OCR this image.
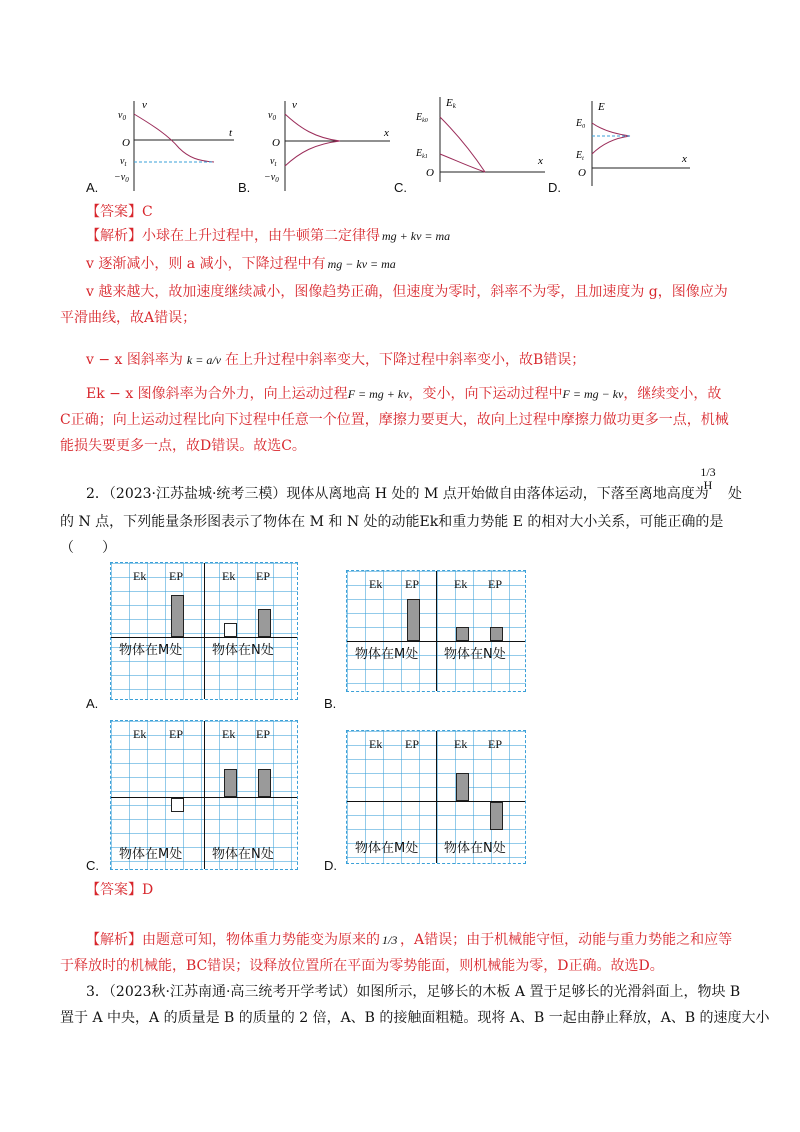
v
t
$v_0$
O
$v_t$
$-v_0$
A.
v
x
$v_0$
O
$v_t$
$-v_0$
B.
Ek
x
$E_{k0}$
$E_{k1}$
O
C.
E
x
$E_0$
$E_t$
O
D.
【答案】C
【解析】小球在上升过程中，由牛顿第二定律得 mg + kv = ma
v 逐渐减小，则 a 减小，下降过程中有 mg − kv = ma
v 越来越大，故加速度继续减小，图像趋势正确，但速度为零时，斜率不为零，且加速度为 g，图像应为
平滑曲线，故A错误；
v − x 图斜率为 k = a/v 在上升过程中斜率变大，下降过程中斜率变小，故B错误；
Ek − x 图像斜率为合外力，向上运动过程F = mg + kv，变小，向下运动过程中F = mg − kv，继续变小，故
C正确；向上运动过程比向下过程中任意一个位置，摩擦力要更大，故向上过程中摩擦力做功更多一点，机械
能损失要更多一点，故D错误。故选C。
2．（2023·江苏盐城·统考三模）现体从离地高 H 处的 M 点开始做自由落体运动，下落至离地高度为
1/3 H
处
的 N 点，下列能量条形图表示了物体在 M 和 N 处的动能Ek和重力势能 E 的相对大小关系，可能正确的是
（　　）
Ek EP	Ek EP
物体在M处 物体在N处
Ek EP	Ek EP
物体在M处 物体在N处
Ek EP	Ek EP
物体在M处 物体在N处
Ek EP	Ek EP
物体在M处 物体在N处
A.	B.
C.	D.
【答案】D
【解析】由题意可知，物体重力势能变为原来的 1/3 ，A错误；由于机械能守恒，动能与重力势能之和应等
于释放时的机械能，BC错误；设释放位置所在平面为零势能面，则机械能为零，D正确。故选D。
3．（2023秋·江苏南通·高三统考开学考试）如图所示，足够长的木板 A 置于足够长的光滑斜面上，物块 B
置于 A 中央，A 的质量是 B 的质量的 2 倍，A、B 的接触面粗糙。现将 A、B 一起由静止释放，A、B 的速度大小
